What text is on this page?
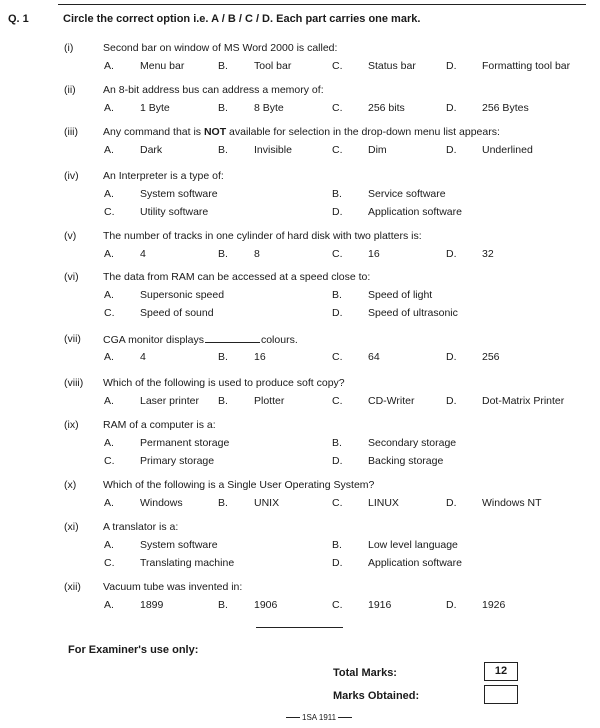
Q. 1	Circle the correct option i.e. A / B / C / D. Each part carries one mark.
(i)	Second bar on window of MS Word 2000 is called:
A. Menu bar	B. Tool bar	C. Status bar	D. Formatting tool bar
(ii)	An 8-bit address bus can address a memory of:
A. 1 Byte	B. 8 Byte	C. 256 bits	D. 256 Bytes
(iii) Any command that is NOT available for selection in the drop-down menu list appears:
A. Dark	B. Invisible	C. Dim	D. Underlined
(iv) An Interpreter is a type of:
A. System software	B. Service software
C. Utility software	D. Application software
(v)	The number of tracks in one cylinder of hard disk with two platters is:
A. 4	B. 8	C. 16	D. 32
(vi) The data from RAM can be accessed at a speed close to:
A. Supersonic speed	B. Speed of light
C. Speed of sound	D. Speed of ultrasonic
(vii) CGA monitor displays	colours.
A. 4	B. 16	C. 64	D. 256
(viii) Which of the following is used to produce soft copy?
A. Laser printer B. Plotter	C. CD-Writer	D. Dot-Matrix Printer
(ix) RAM of a computer is a:
A. Permanent storage	B. Secondary storage
C. Primary storage	D. Backing storage
(x)	Which of the following is a Single User Operating System?
A. Windows	B. UNIX	C. LINUX	D. Windows NT
(xi) A translator is a:
A. System software	B. Low level language
C. Translating machine	D. Application software
(xii) Vacuum tube was invented in:
A. 1899	B. 1906	C. 1916	D. 1926
For Examiner's use only:
Total Marks:	12
Marks Obtained:
1SA 1911
